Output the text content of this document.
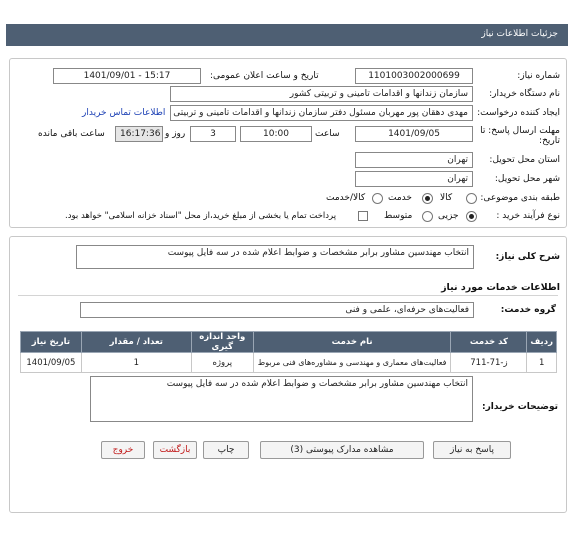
جزئیات اطلاعات نیاز
شماره نیاز:
1101003002000699
تاریخ و ساعت اعلان عمومی:
1401/09/01 - 15:17
نام دستگاه خریدار:
سازمان زندانها و اقدامات تامینی و تربیتی کشور
ایجاد کننده درخواست:
مهدی دهقان پور مهربان مسئول دفتر سازمان زندانها و اقدامات تامینی و تربیتی
اطلاعات تماس خریدار
مهلت ارسال پاسخ: تا تاریخ:
1401/09/05
ساعت
10:00
3
روز و
16:17:36
ساعت باقی مانده
استان محل تحویل:
تهران
شهر محل تحویل:
تهران
طبقه بندی موضوعی:
کالا
خدمت
کالا/خدمت
نوع فرآیند خرید :
جزیی
متوسط
پرداخت تمام یا بخشی از مبلغ خرید،از محل "اسناد خزانه اسلامی" خواهد بود.
شرح کلی نیاز:
انتخاب مهندسین مشاور برابر مشخصات و ضوابط اعلام شده در سه فایل پیوست
اطلاعات خدمات مورد نیاز
گروه خدمت:
فعالیت‌های حرفه‌ای، علمی و فنی
ردیف	کد خدمت	نام خدمت	واحد اندازه گیری	تعداد / مقدار	تاریخ نیاز
1	ز-71-711	فعالیت‌های معماری و مهندسی و مشاوره‌های فنی مربوط	پروژه	1	1401/09/05
توضیحات خریدار:
انتخاب مهندسین مشاور برابر مشخصات و ضوابط اعلام شده در سه فایل پیوست
پاسخ به نیاز
مشاهده مدارک پیوستی (3)
چاپ
بازگشت
خروج
